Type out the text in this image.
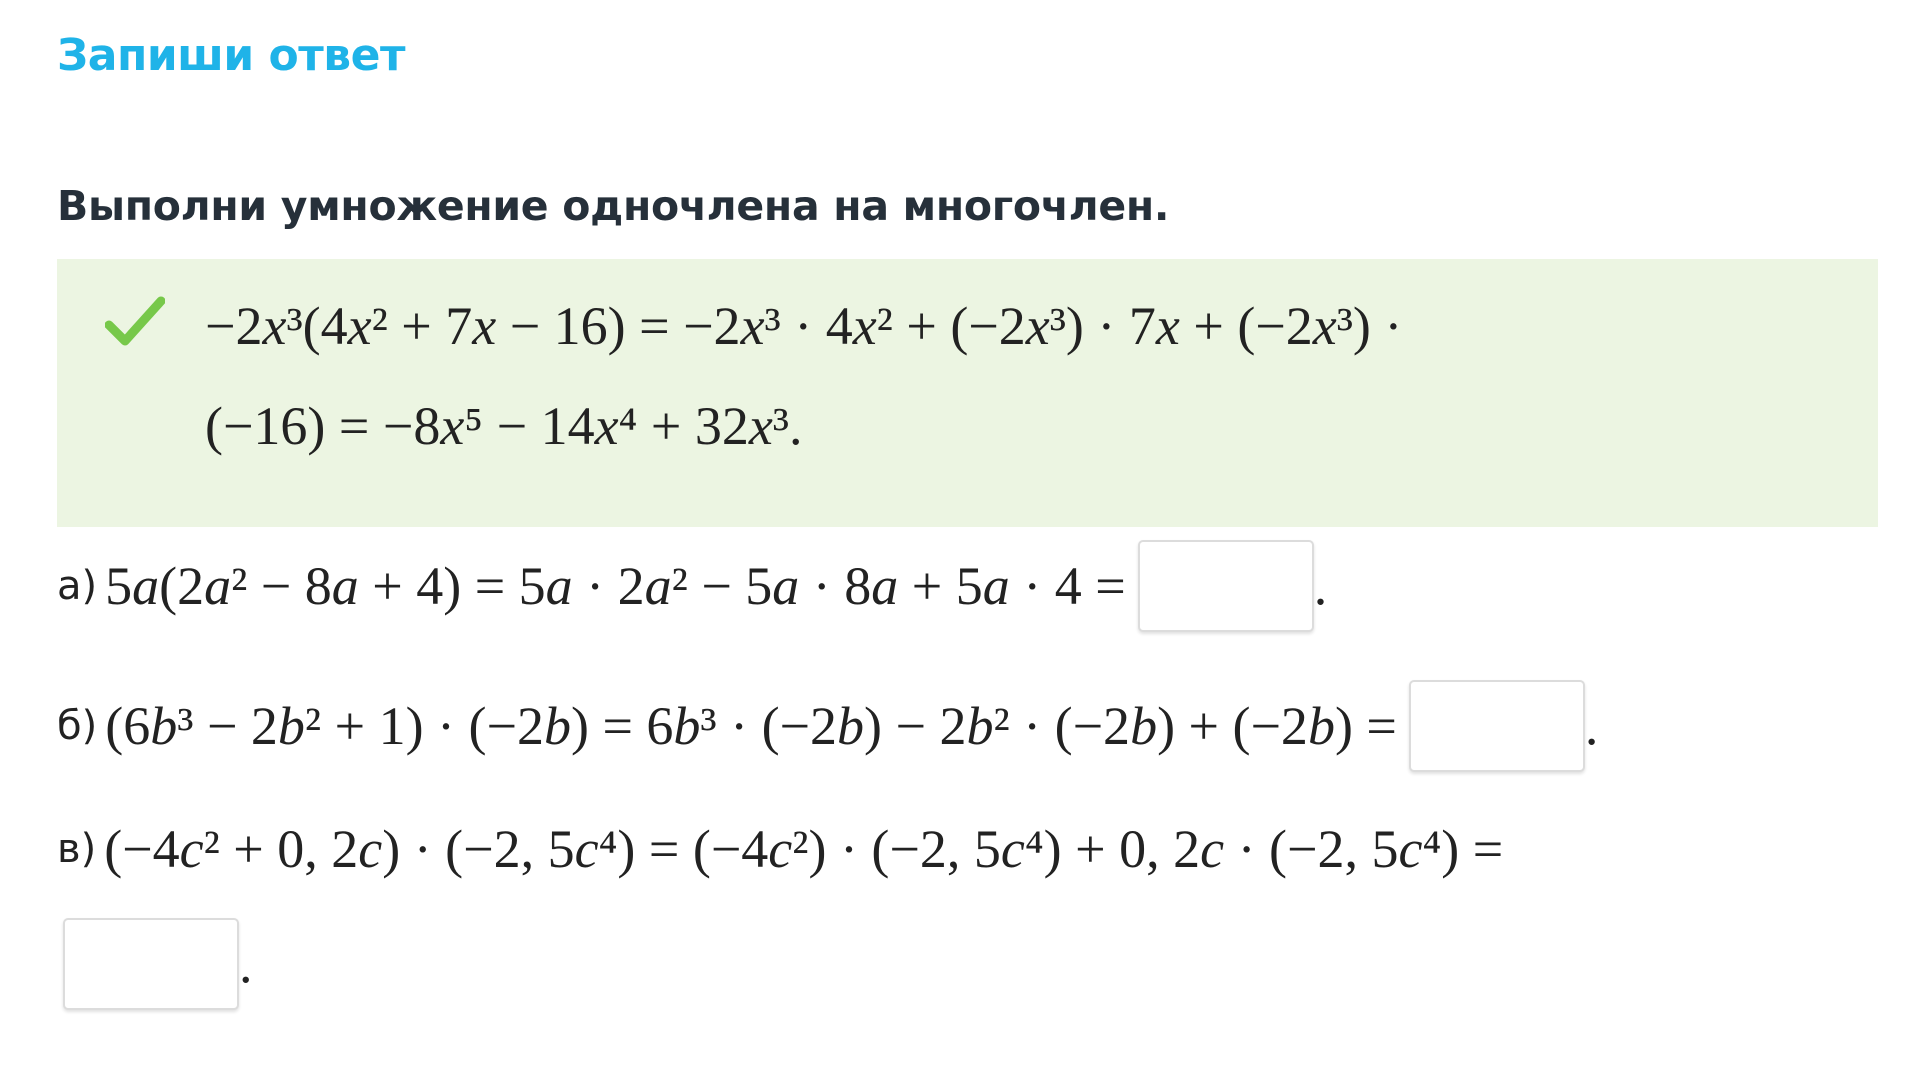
Запиши ответ
Выполни умножение одночлена на многочлен.
−2x³(4x² + 7x − 16) = −2x³ · 4x² + (−2x³) · 7x + (−2x³) ·
(−16) = −8x⁵ − 14x⁴ + 32x³.
а) 5a(2a² − 8a + 4) = 5a · 2a² − 5a · 8a + 5a · 4 =	.
б) (6b³ − 2b² + 1) · (−2b) = 6b³ · (−2b) − 2b² · (−2b) + (−2b) =	.
в) (−4c² + 0, 2c) · (−2, 5c⁴) = (−4c²) · (−2, 5c⁴) + 0, 2c · (−2, 5c⁴) =
.
